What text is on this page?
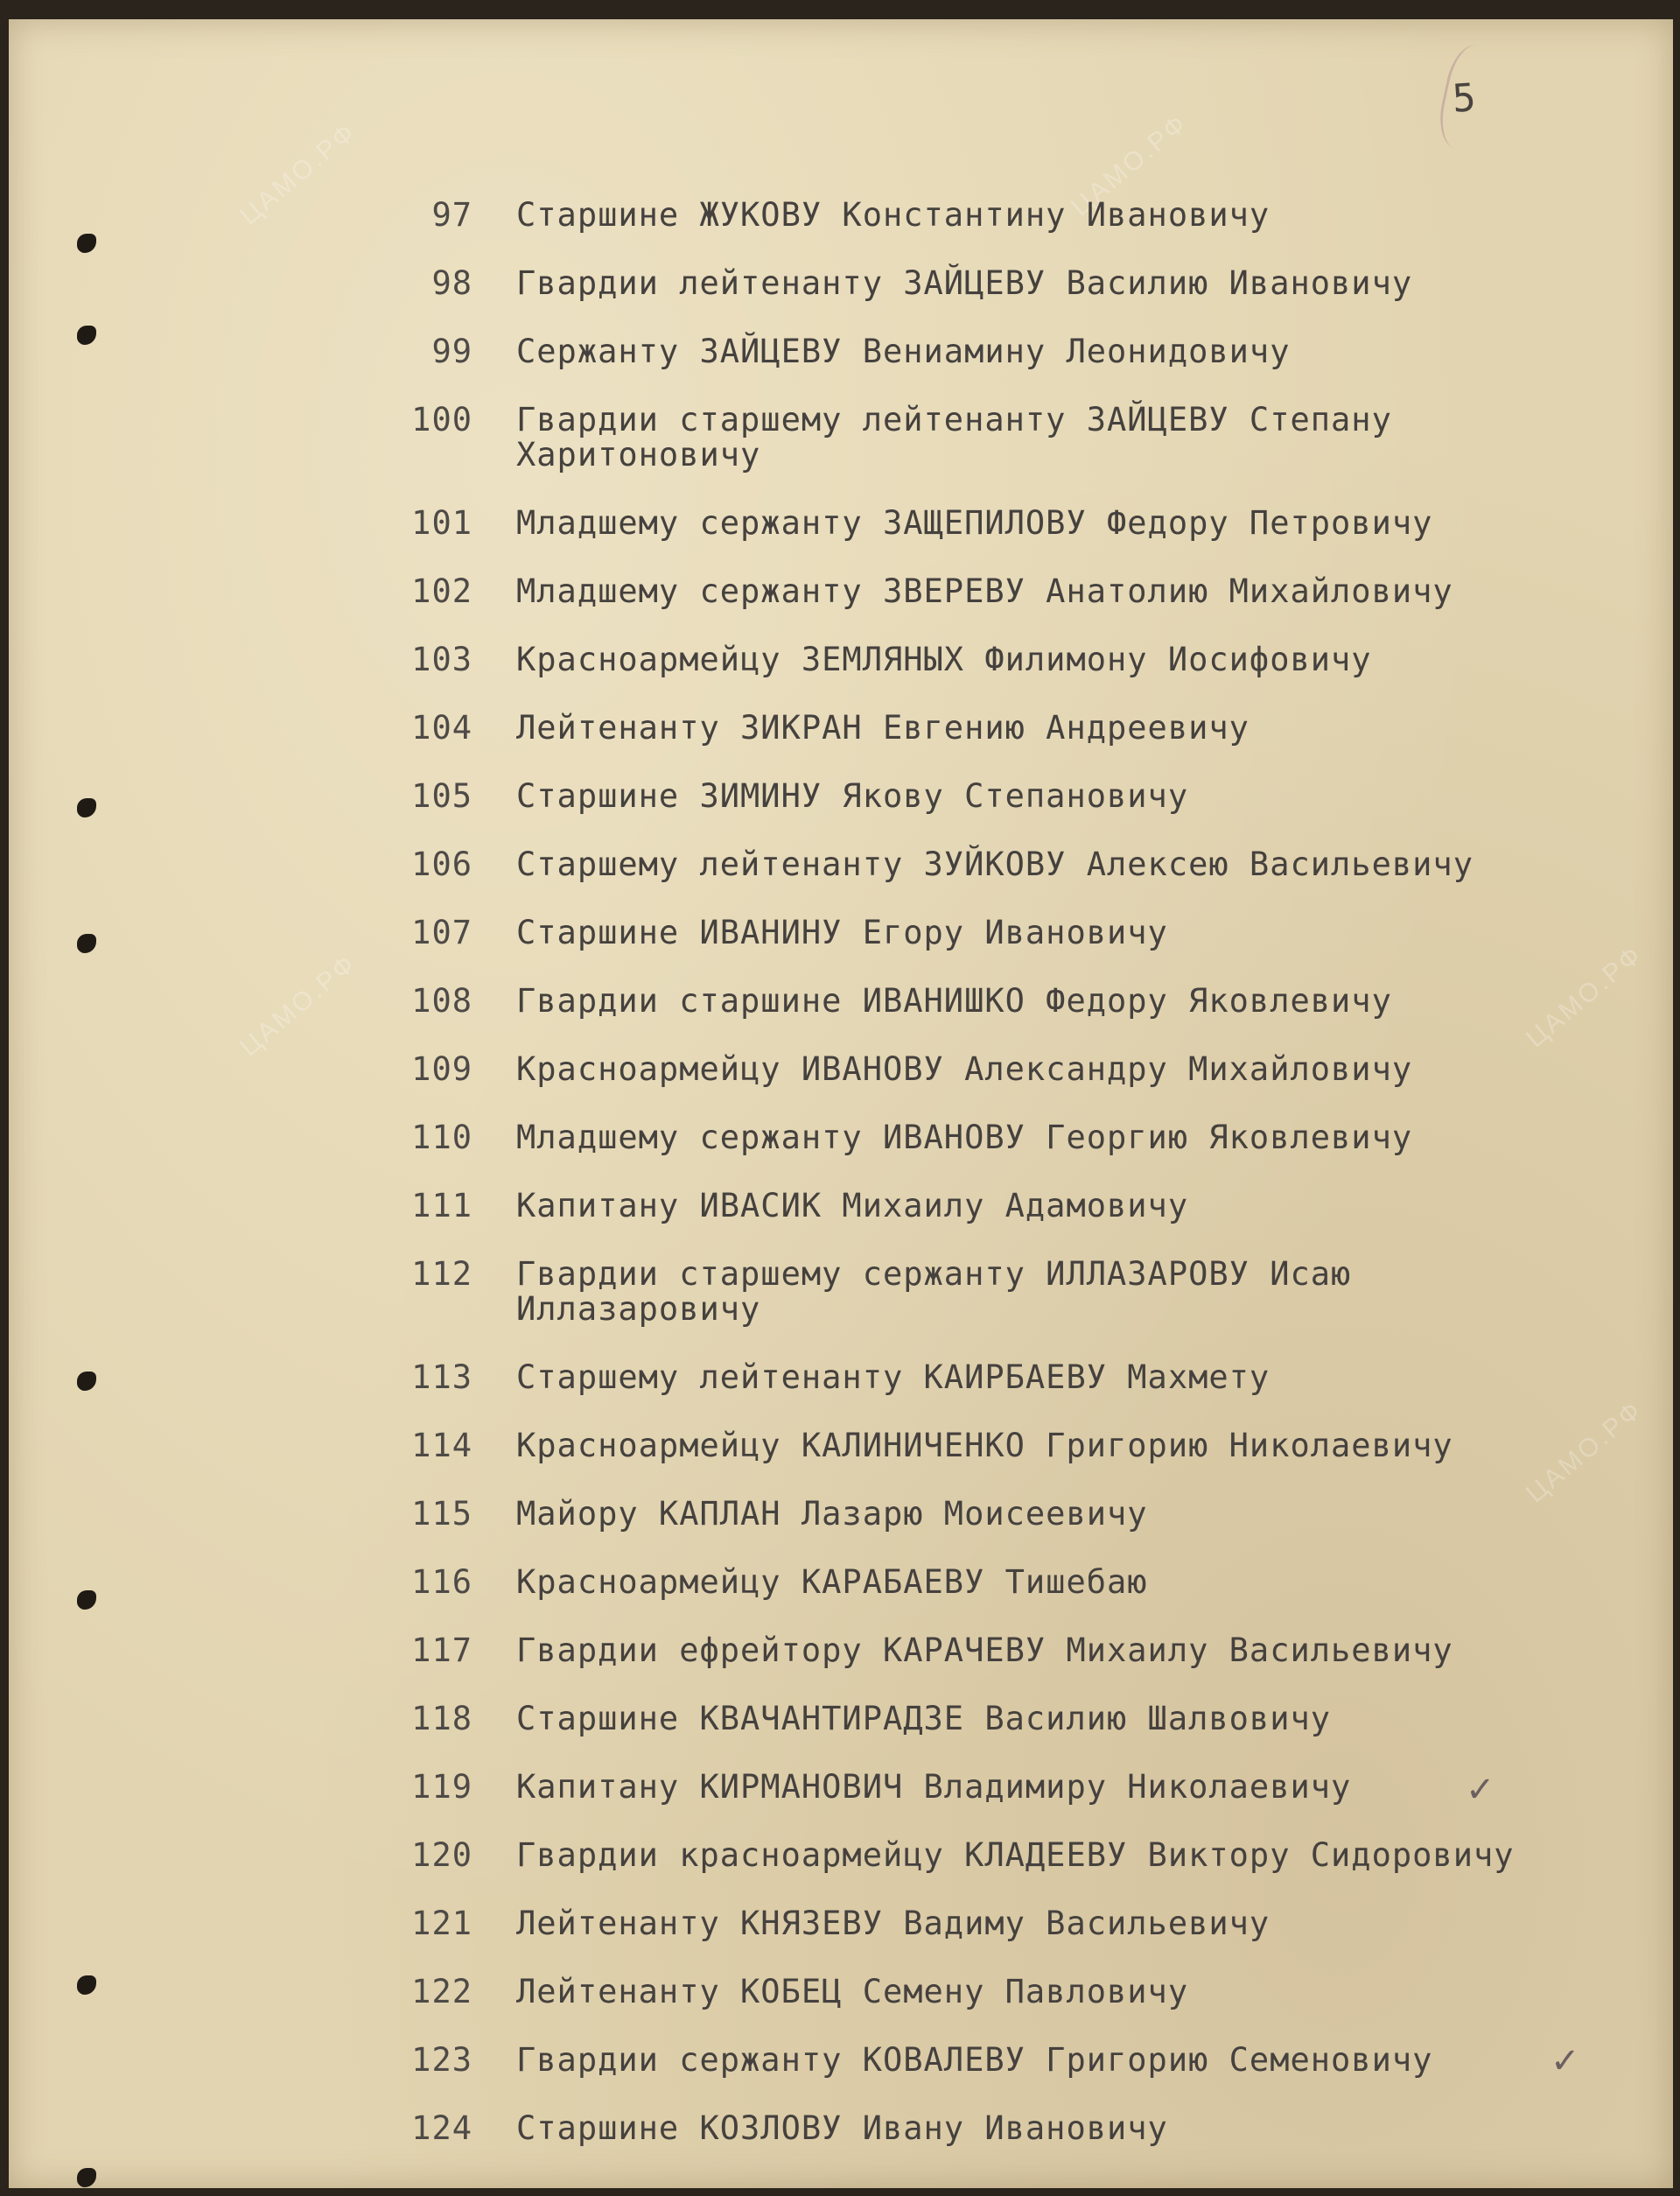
5
ЦАМО.РФ	ЦАМО.РФ
ЦАМО.РФ
ЦАМО.РФ
ЦАМО.РФ
97 Старшине ЖУКОВУ Константину Ивановичу
98 Гвардии лейтенанту ЗАЙЦЕВУ Василию Ивановичу
99 Сержанту ЗАЙЦЕВУ Вениамину Леонидовичу
100 Гвардии старшему лейтенанту ЗАЙЦЕВУ Степану
Харитоновичу
101 Младшему сержанту ЗАЩЕПИЛОВУ Федору Петровичу
102 Младшему сержанту ЗВЕРЕВУ Анатолию Михайловичу
103 Красноармейцу ЗЕМЛЯНЫХ Филимону Иосифовичу
104 Лейтенанту ЗИКРАН Евгению Андреевичу
105 Старшине ЗИМИНУ Якову Степановичу
106 Старшему лейтенанту ЗУЙКОВУ Алексею Васильевичу
107 Старшине ИВАНИНУ Егору Ивановичу
108 Гвардии старшине ИВАНИШКО Федору Яковлевичу
109 Красноармейцу ИВАНОВУ Александру Михайловичу
110 Младшему сержанту ИВАНОВУ Георгию Яковлевичу
111 Капитану ИВАСИК Михаилу Адамовичу
112 Гвардии старшему сержанту ИЛЛАЗАРОВУ Исаю
Иллазаровичу
113 Старшему лейтенанту КАИРБАЕВУ Махмету
114 Красноармейцу КАЛИНИЧЕНКО Григорию Николаевичу
115 Майору КАПЛАН Лазарю Моисеевичу
116 Красноармейцу КАРАБАЕВУ Тишебаю
117 Гвардии ефрейтору КАРАЧЕВУ Михаилу Васильевичу
118 Старшине КВАЧАНТИРАДЗЕ Василию Шалвовичу
119 Капитану КИРМАНОВИЧ Владимиру Николаевичу
120 Гвардии красноармейцу КЛАДЕЕВУ Виктору Сидоровичу
121 Лейтенанту КНЯЗЕВУ Вадиму Васильевичу
122 Лейтенанту КОБЕЦ Семену Павловичу
123 Гвардии сержанту КОВАЛЕВУ Григорию Семеновичу
124 Старшине КОЗЛОВУ Ивану Ивановичу
✓
✓
